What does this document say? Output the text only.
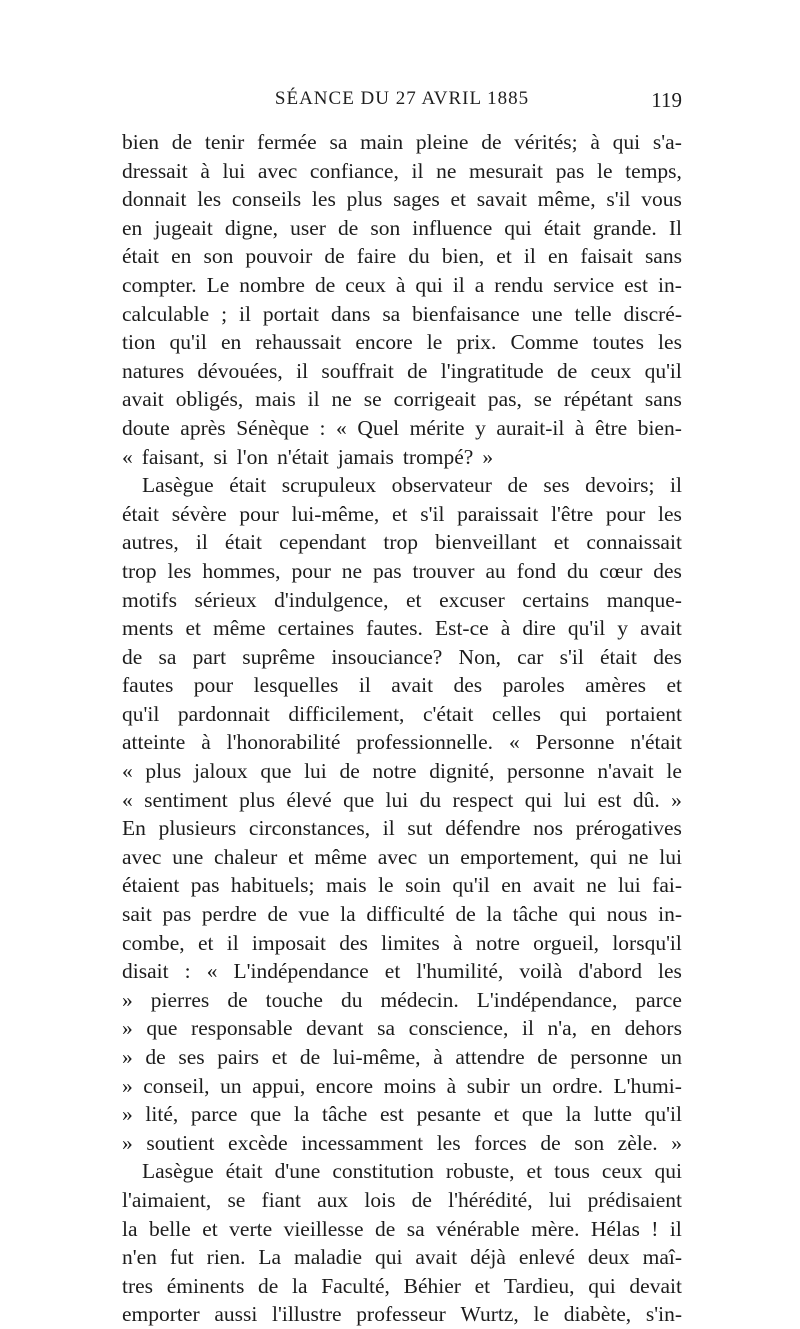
SÉANCE DU 27 AVRIL 1885	119
bien de tenir fermée sa main pleine de vérités; à qui s'a-
dressait à lui avec confiance, il ne mesurait pas le temps,
donnait les conseils les plus sages et savait même, s'il vous
en jugeait digne, user de son influence qui était grande. Il
était en son pouvoir de faire du bien, et il en faisait sans
compter. Le nombre de ceux à qui il a rendu service est in-
calculable ; il portait dans sa bienfaisance une telle discré-
tion qu'il en rehaussait encore le prix. Comme toutes les
natures dévouées, il souffrait de l'ingratitude de ceux qu'il
avait obligés, mais il ne se corrigeait pas, se répétant sans
doute après Sénèque : « Quel mérite y aurait-il à être bien-
« faisant, si l'on n'était jamais trompé? »
Lasègue était scrupuleux observateur de ses devoirs; il
était sévère pour lui-même, et s'il paraissait l'être pour les
autres, il était cependant trop bienveillant et connaissait
trop les hommes, pour ne pas trouver au fond du cœur des
motifs sérieux d'indulgence, et excuser certains manque-
ments et même certaines fautes. Est-ce à dire qu'il y avait
de sa part suprême insouciance? Non, car s'il était des
fautes pour lesquelles il avait des paroles amères et
qu'il pardonnait difficilement, c'était celles qui portaient
atteinte à l'honorabilité professionnelle. « Personne n'était
« plus jaloux que lui de notre dignité, personne n'avait le
« sentiment plus élevé que lui du respect qui lui est dû. »
En plusieurs circonstances, il sut défendre nos prérogatives
avec une chaleur et même avec un emportement, qui ne lui
étaient pas habituels; mais le soin qu'il en avait ne lui fai-
sait pas perdre de vue la difficulté de la tâche qui nous in-
combe, et il imposait des limites à notre orgueil, lorsqu'il
disait : « L'indépendance et l'humilité, voilà d'abord les
» pierres de touche du médecin. L'indépendance, parce
» que responsable devant sa conscience, il n'a, en dehors
» de ses pairs et de lui-même, à attendre de personne un
» conseil, un appui, encore moins à subir un ordre. L'humi-
» lité, parce que la tâche est pesante et que la lutte qu'il
» soutient excède incessamment les forces de son zèle. »
Lasègue était d'une constitution robuste, et tous ceux qui
l'aimaient, se fiant aux lois de l'hérédité, lui prédisaient
la belle et verte vieillesse de sa vénérable mère. Hélas ! il
n'en fut rien. La maladie qui avait déjà enlevé deux maî-
tres éminents de la Faculté, Béhier et Tardieu, qui devait
emporter aussi l'illustre professeur Wurtz, le diabète, s'in-
